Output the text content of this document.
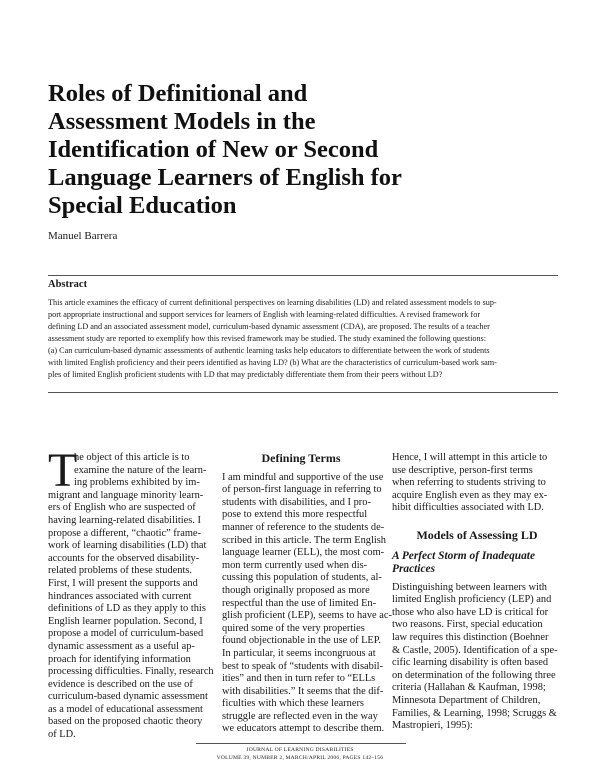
Roles of Definitional and
Assessment Models in the
Identification of New or Second
Language Learners of English for
Special Education
Manuel Barrera
Abstract
This article examines the efficacy of current definitional perspectives on learning disabilities (LD) and related assessment models to sup-
port appropriate instructional and support services for learners of English with learning-related difficulties. A revised framework for
defining LD and an associated assessment model, curriculum-based dynamic assessment (CDA), are proposed. The results of a teacher
assessment study are reported to exemplify how this revised framework may be studied. The study examined the following questions:
(a) Can curriculum-based dynamic assessments of authentic learning tasks help educators to differentiate between the work of students
with limited English proficiency and their peers identified as having LD? (b) What are the characteristics of curriculum-based work sam-
ples of limited English proficient students with LD that may predictably differentiate them from their peers without LD?
T
he object of this article is to
examine the nature of the learn-
ing problems exhibited by im-
migrant and language minority learn-
ers of English who are suspected of
having learning-related disabilities. I
propose a different, “chaotic” frame-
work of learning disabilities (LD) that
accounts for the observed disability-
related problems of these students.
First, I will present the supports and
hindrances associated with current
definitions of LD as they apply to this
English learner population. Second, I
propose a model of curriculum-based
dynamic assessment as a useful ap-
proach for identifying information
processing difficulties. Finally, research
evidence is described on the use of
curriculum-based dynamic assessment
as a model of educational assessment
based on the proposed chaotic theory
of LD.
Defining Terms
I am mindful and supportive of the use
of person-first language in referring to
students with disabilities, and I pro-
pose to extend this more respectful
manner of reference to the students de-
scribed in this article. The term English
language learner (ELL), the most com-
mon term currently used when dis-
cussing this population of students, al-
though originally proposed as more
respectful than the use of limited En-
glish proficient (LEP), seems to have ac-
quired some of the very properties
found objectionable in the use of LEP.
In particular, it seems incongruous at
best to speak of “students with disabil-
ities” and then in turn refer to “ELLs
with disabilities.” It seems that the dif-
ficulties with which these learners
struggle are reflected even in the way
we educators attempt to describe them.
Hence, I will attempt in this article to
use descriptive, person-first terms
when referring to students striving to
acquire English even as they may ex-
hibit difficulties associated with LD.
Models of Assessing LD
A Perfect Storm of Inadequate
Practices
Distinguishing between learners with
limited English proficiency (LEP) and
those who also have LD is critical for
two reasons. First, special education
law requires this distinction (Boehner
& Castle, 2005). Identification of a spe-
cific learning disability is often based
on determination of the following three
criteria (Hallahan & Kaufman, 1998;
Minnesota Department of Children,
Families, & Learning, 1998; Scruggs &
Mastropieri, 1995):
JOURNAL OF LEARNING DISABILITIES
VOLUME 39, NUMBER 2, MARCH/APRIL 2006, PAGES 142–156
